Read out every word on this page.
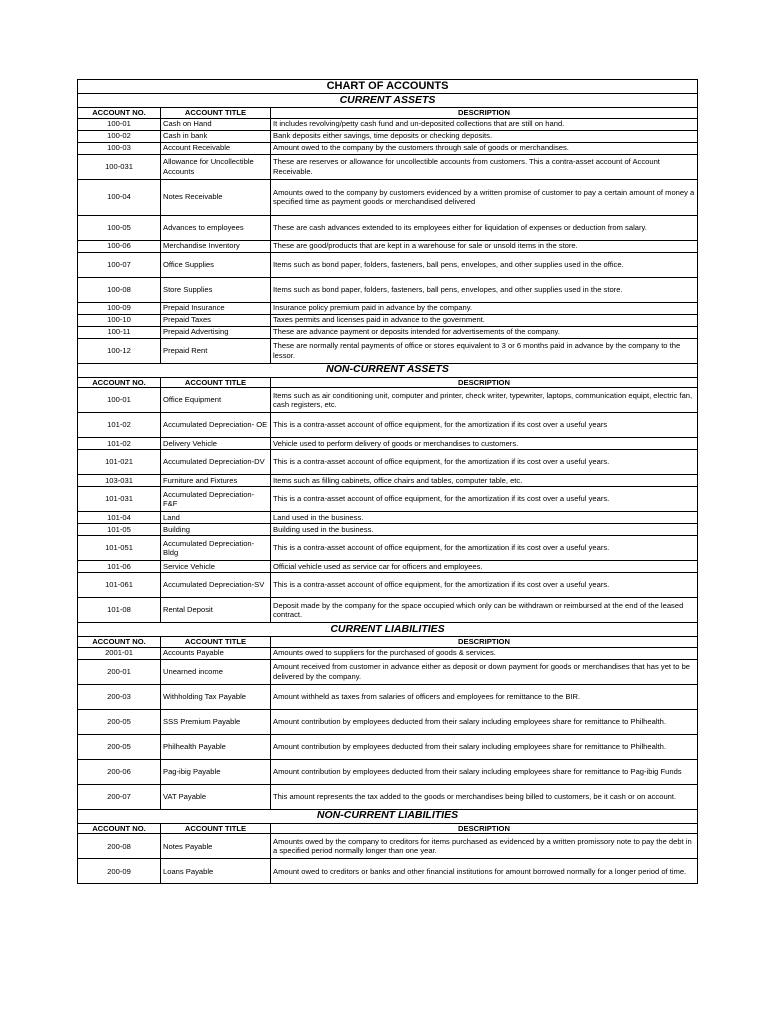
CHART OF ACCOUNTS		
CURRENT ASSETS		
ACCOUNT NO.	ACCOUNT TITLE	DESCRIPTION
100-01	Cash on Hand	It includes revolving/petty cash fund and un-deposited collections that are still on hand.
100-02	Cash in bank	Bank deposits either savings, time deposits or checking deposits.
100-03	Account Receivable	Amount owed to the company by the customers through sale of goods or merchandises.
100-031	Allowance for Uncollectible Accounts	These are reserves or allowance for uncollectible accounts from customers. This a contra-asset account of Account Receivable.
100-04	Notes Receivable	Amounts owed to the company by customers evidenced by a written promise of customer to pay a certain amount of money a specified time as payment goods or merchandised delivered
100-05	Advances to employees	These are cash advances extended to its employees either for liquidation of expenses or deduction from salary.
100-06	Merchandise Inventory	These are good/products that are kept in a warehouse for sale or unsold items in the store.
100-07	Office Supplies	Items such as bond paper, folders, fasteners, ball pens, envelopes, and other supplies used in the office.
100-08	Store Supplies	Items such as bond paper, folders, fasteners, ball pens, envelopes, and other supplies used in the store.
100-09	Prepaid Insurance	Insurance policy premium paid in advance by the company.
100-10	Prepaid Taxes	Taxes permits and licenses paid in advance to the government.
100-11	Prepaid Advertising	These are advance payment or deposits intended for advertisements of the company.
100-12	Prepaid Rent	These are normally rental payments of office or stores equivalent to 3 or 6 months paid in advance by the company to the lessor.
NON-CURRENT ASSETS		
ACCOUNT NO.	ACCOUNT TITLE	DESCRIPTION
100-01	Office Equipment	Items such as air conditioning unit, computer and printer, check writer, typewriter, laptops, communication equipt, electric fan, cash registers, etc.
101-02	Accumulated Depreciation- OE	This is a contra-asset account of office equipment, for the amortization if its cost over a useful years
101-02	Delivery Vehicle	Vehicle used to perform delivery of goods or merchandises to customers.
101-021	Accumulated Depreciation-DV	This is a contra-asset account of office equipment, for the amortization if its cost over a useful years.
103-031	Furniture and Fixtures	Items such as filling cabinets, office chairs and tables, computer table, etc.
101-031	Accumulated Depreciation-F&F	This is a contra-asset account of office equipment, for the amortization if its cost over a useful years.
101-04	Land	Land used in the business.
101-05	Building	Building used in the business.
101-051	Accumulated Depreciation-Bldg	This is a contra-asset account of office equipment, for the amortization if its cost over a useful years.
101-06	Service Vehicle	Official vehicle used as service car for officers and employees.
101-061	Accumulated Depreciation-SV	This is a contra-asset account of office equipment, for the amortization if its cost over a useful years.
101-08	Rental Deposit	Deposit made by the company for the space occupied which only can be withdrawn or reimbursed at the end of the leased contract.
CURRENT LIABILITIES		
ACCOUNT NO.	ACCOUNT TITLE	DESCRIPTION
2001-01	Accounts Payable	Amounts owed to suppliers for the purchased of goods & services.
200-01	Unearned income	Amount received from customer in advance either as deposit or down payment for goods or merchandises that has yet to be delivered by the company.
200-03	Withholding Tax Payable	Amount withheld as taxes from salaries of officers and employees for remittance to the BIR.
200-05	SSS Premium Payable	Amount contribution by employees deducted from their salary including employees share for remittance to Philhealth.
200-05	Philhealth Payable	Amount contribution by employees deducted from their salary including employees share for remittance to Philhealth.
200-06	Pag-ibig Payable	Amount contribution by employees deducted from their salary including employees share for remittance to Pag-ibig Funds
200-07	VAT Payable	This amount represents the tax added to the goods or merchandises being billed to customers, be it cash or on account.
NON-CURRENT LIABILITIES		
ACCOUNT NO.	ACCOUNT TITLE	DESCRIPTION
200-08	Notes Payable	Amounts owed by the company to creditors for items purchased as evidenced by a written promissory note to pay the debt in a specified period normally longer than one year.
200-09	Loans Payable	Amount owed to creditors or banks and other financial institutions for amount borrowed normally for a longer period of time.
